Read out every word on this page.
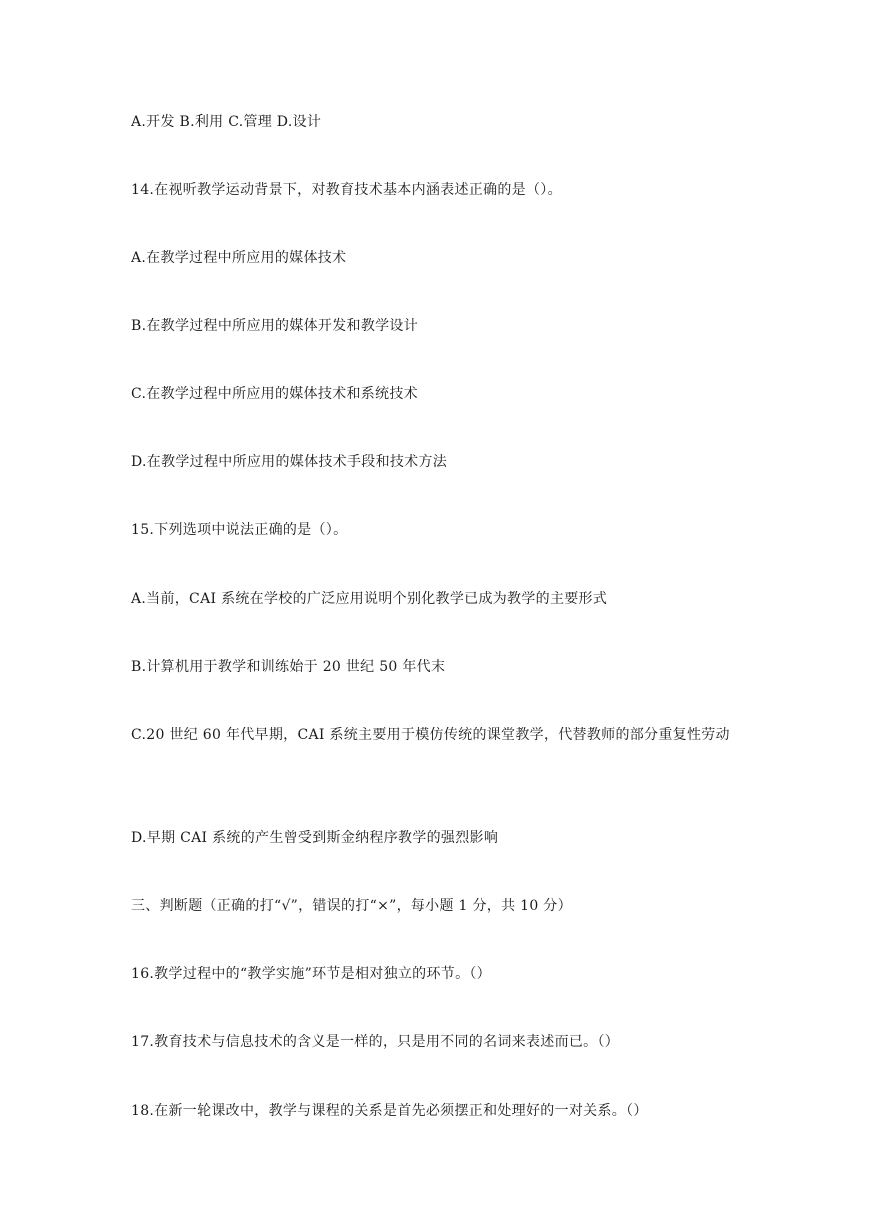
A.开发 B.利用 C.管理 D.设计
14.在视听教学运动背景下，对教育技术基本内涵表述正确的是（）。
A.在教学过程中所应用的媒体技术
B.在教学过程中所应用的媒体开发和教学设计
C.在教学过程中所应用的媒体技术和系统技术
D.在教学过程中所应用的媒体技术手段和技术方法
15.下列选项中说法正确的是（）。
A.当前，CAI 系统在学校的广泛应用说明个别化教学已成为教学的主要形式
B.计算机用于教学和训练始于 20 世纪 50 年代末
C.20 世纪 60 年代早期，CAI 系统主要用于模仿传统的课堂教学，代替教师的部分重复性劳动
D.早期 CAI 系统的产生曾受到斯金纳程序教学的强烈影响
三、判断题（正确的打“√”，错误的打“×”，每小题 1 分，共 10 分）
16.教学过程中的“教学实施”环节是相对独立的环节。（）
17.教育技术与信息技术的含义是一样的，只是用不同的名词来表述而已。（）
18.在新一轮课改中，教学与课程的关系是首先必须摆正和处理好的一对关系。（）
